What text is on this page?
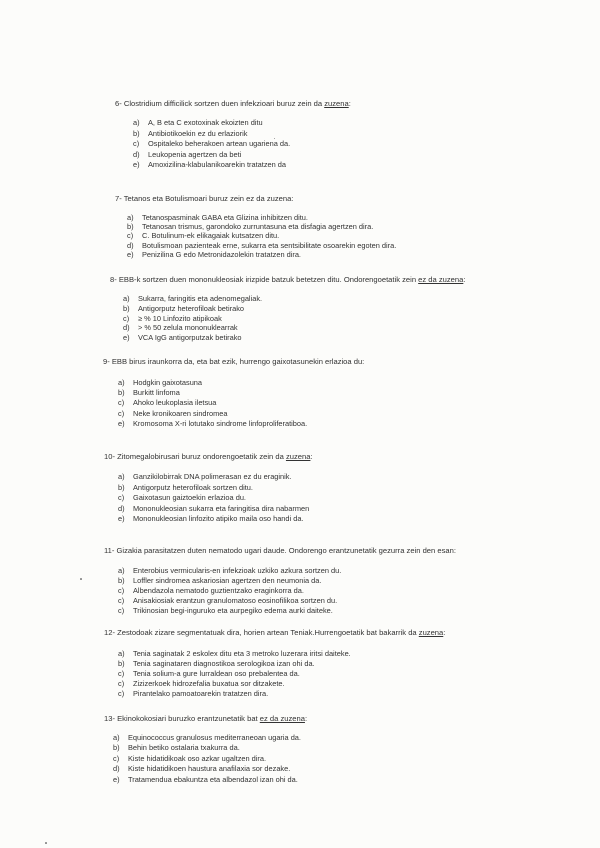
6- Clostridium difficilick sortzen duen infekzioari buruz zein da zuzena:
a)	A, B eta C exotoxinak ekoizten ditu
b)	Antibiotikoekin ez du erlaziorik
c)	Ospitaleko beherakoen artean ugariena da.
d)	Leukopenia agertzen da beti
e)	Amoxizilina-klabulanikoarekin tratatzen da
7- Tetanos eta Botulismoari buruz zein ez da zuzena:
a)	Tetanospasminak GABA eta Glizina inhibitzen ditu.
b)	Tetanosan trismus, garondoko zurruntasuna eta disfagia agertzen dira.
c)	C. Botulinum-ek elikagaiak kutsatzen ditu.
d)	Botulismoan pazienteak erne, sukarra eta sentsibilitate osoarekin egoten dira.
e)	Penizilina G edo Metronidazolekin tratatzen dira.
8- EBB-k sortzen duen mononukleosiak irizpide batzuk betetzen ditu. Ondorengoetatik zein ez da zuzena:
a)	Sukarra, faringitis eta adenomegaliak.
b)	Antigorputz heterofiloak betirako
c)	≥ % 10 Linfozito atipikoak
d)	> % 50 zelula mononuklearrak
e)	VCA IgG antigorputzak betirako
9- EBB birus iraunkorra da, eta bat ezik, hurrengo gaixotasunekin erlazioa du:
a)	Hodgkin gaixotasuna
b)	Burkitt linfoma
c)	Ahoko leukoplasia iletsua
c)	Neke kronikoaren sindromea
e)	Kromosoma X-ri lotutako sindrome linfoproliferatiboa.
10- Zitomegalobirusari buruz ondorengoetatik zein da zuzena:
a)	Ganzikilobirrak DNA polimerasan ez du eraginik.
b)	Antigorputz heterofiloak sortzen ditu.
c)	Gaixotasun gaiztoekin erlazioa du.
d)	Mononukleosian sukarra eta faringitisa dira nabarmen
e)	Mononukleosian linfozito atipiko maila oso handi da.
11- Gizakia parasitatzen duten nematodo ugari daude. Ondorengo erantzunetatik gezurra zein den esan:
a)	Enterobius vermicularis-en infekzioak uzkiko azkura sortzen du.
b)	Loffler sindromea askariosian agertzen den neumonia da.
c)	Albendazola nematodo guztientzako eraginkorra da.
c)	Anisakiosiak erantzun granulomatoso eosinofilikoa sortzen du.
c)	Trikinosian begi-inguruko eta aurpegiko edema aurki daiteke.
12- Zestodoak zizare segmentatuak dira, horien artean Teniak.Hurrengoetatik bat bakarrik da zuzena:
a)	Tenia saginatak 2 eskolex ditu eta 3 metroko luzerara iritsi daiteke.
b)	Tenia saginataren diagnostikoa serologikoa izan ohi da.
c)	Tenia solium-a gure lurraldean oso prebalentea da.
c)	Zizizerkoek hidrozefalia buxatua sor ditzakete.
c)	Pirantelako pamoatoarekin tratatzen dira.
13- Ekinokokosiari buruzko erantzunetatik bat ez da zuzena:
a)	Equinococcus granulosus mediterraneoan ugaria da.
b)	Behin betiko ostalaria txakurra da.
c)	Kiste hidatidikoak oso azkar ugaltzen dira.
d)	Kiste hidatidikoen haustura anafilaxia sor dezake.
e)	Tratamendua ebakuntza eta albendazol izan ohi da.
